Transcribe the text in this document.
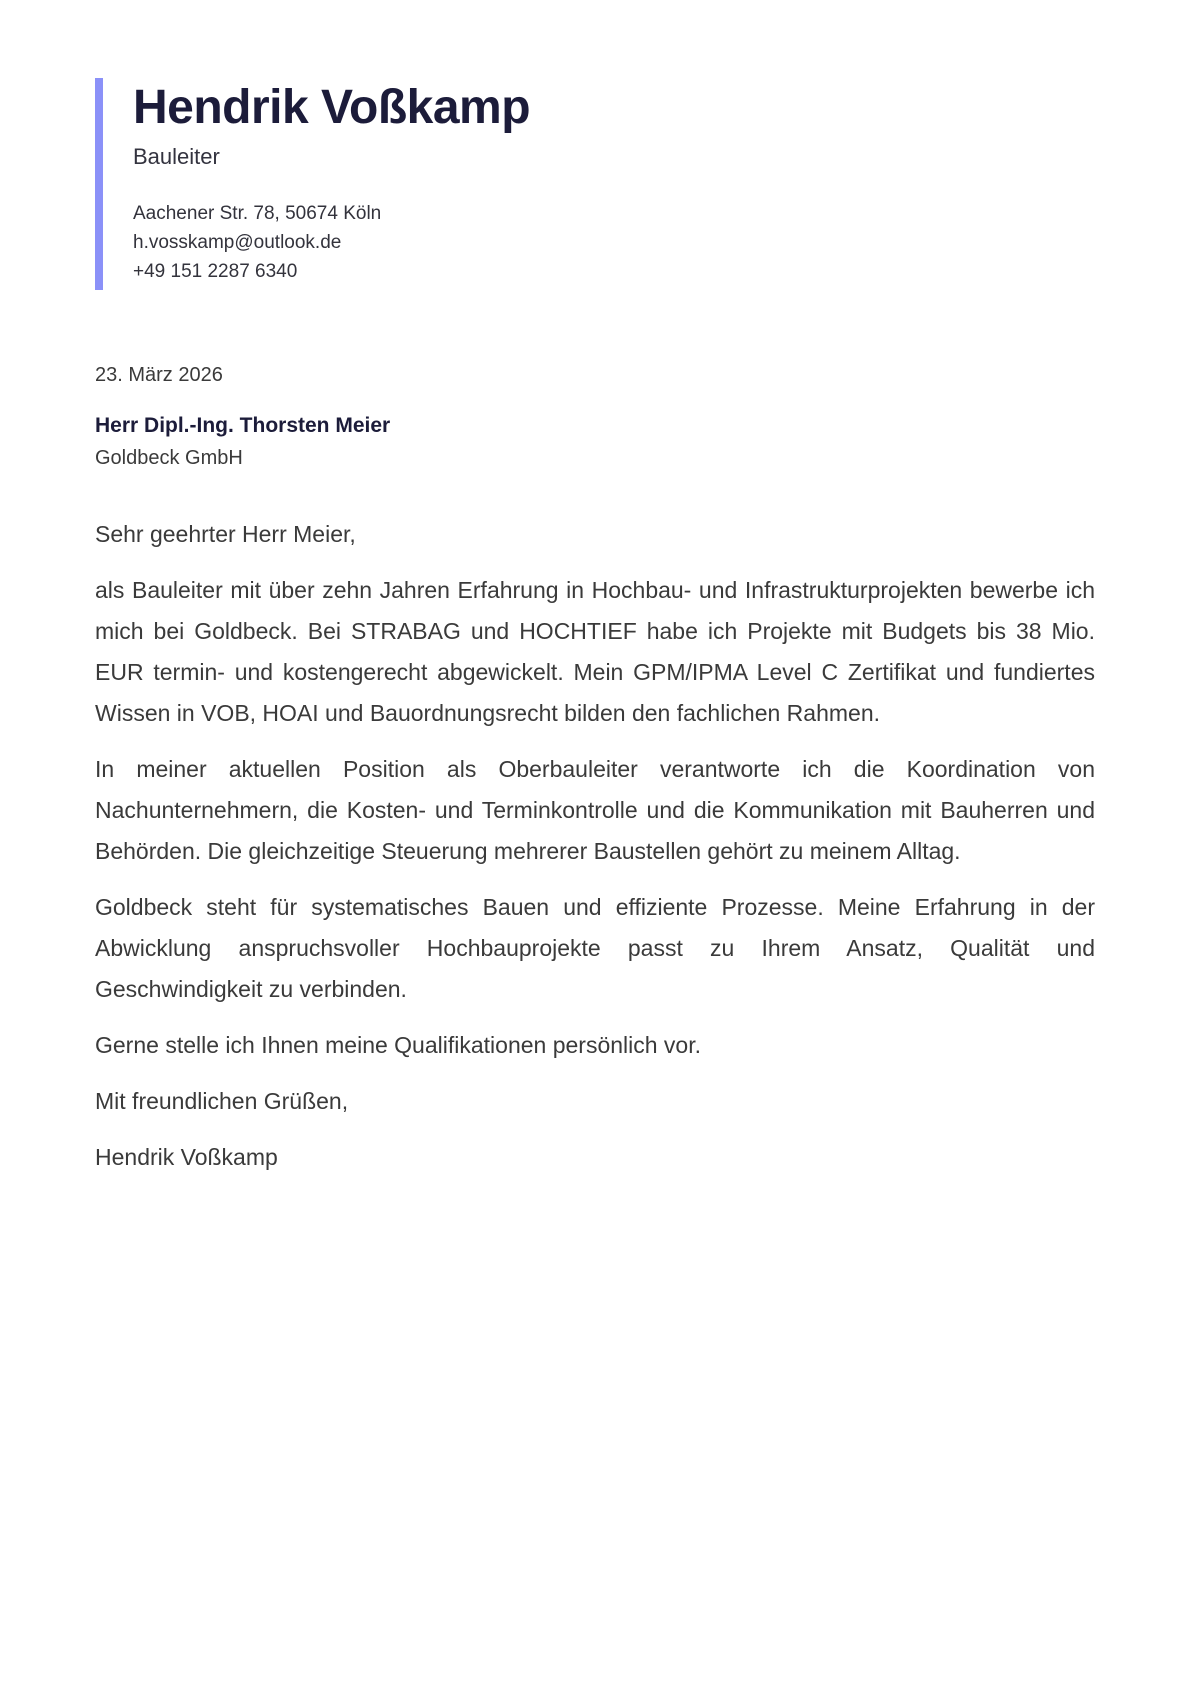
Hendrik Voßkamp
Bauleiter
Aachener Str. 78, 50674 Köln
h.vosskamp@outlook.de
+49 151 2287 6340
23. März 2026
Herr Dipl.-Ing. Thorsten Meier
Goldbeck GmbH

Sehr geehrter Herr Meier,

als Bauleiter mit über zehn Jahren Erfahrung in Hochbau- und Infrastrukturprojekten bewerbe ich mich bei Goldbeck. Bei STRABAG und HOCHTIEF habe ich Projekte mit Budgets bis 38 Mio. EUR termin- und kostengerecht abgewickelt. Mein GPM/IPMA Level C Zertifikat und fundiertes Wissen in VOB, HOAI und Bauordnungsrecht bilden den fachlichen Rahmen.

In meiner aktuellen Position als Oberbauleiter verantworte ich die Koordination von Nachunternehmern, die Kosten- und Terminkontrolle und die Kommunikation mit Bauherren und Behörden. Die gleichzeitige Steuerung mehrerer Baustellen gehört zu meinem Alltag.

Goldbeck steht für systematisches Bauen und effiziente Prozesse. Meine Erfahrung in der Abwicklung anspruchsvoller Hochbauprojekte passt zu Ihrem Ansatz, Qualität und Geschwindigkeit zu verbinden.

Gerne stelle ich Ihnen meine Qualifikationen persönlich vor.

Mit freundlichen Grüßen,

Hendrik Voßkamp
